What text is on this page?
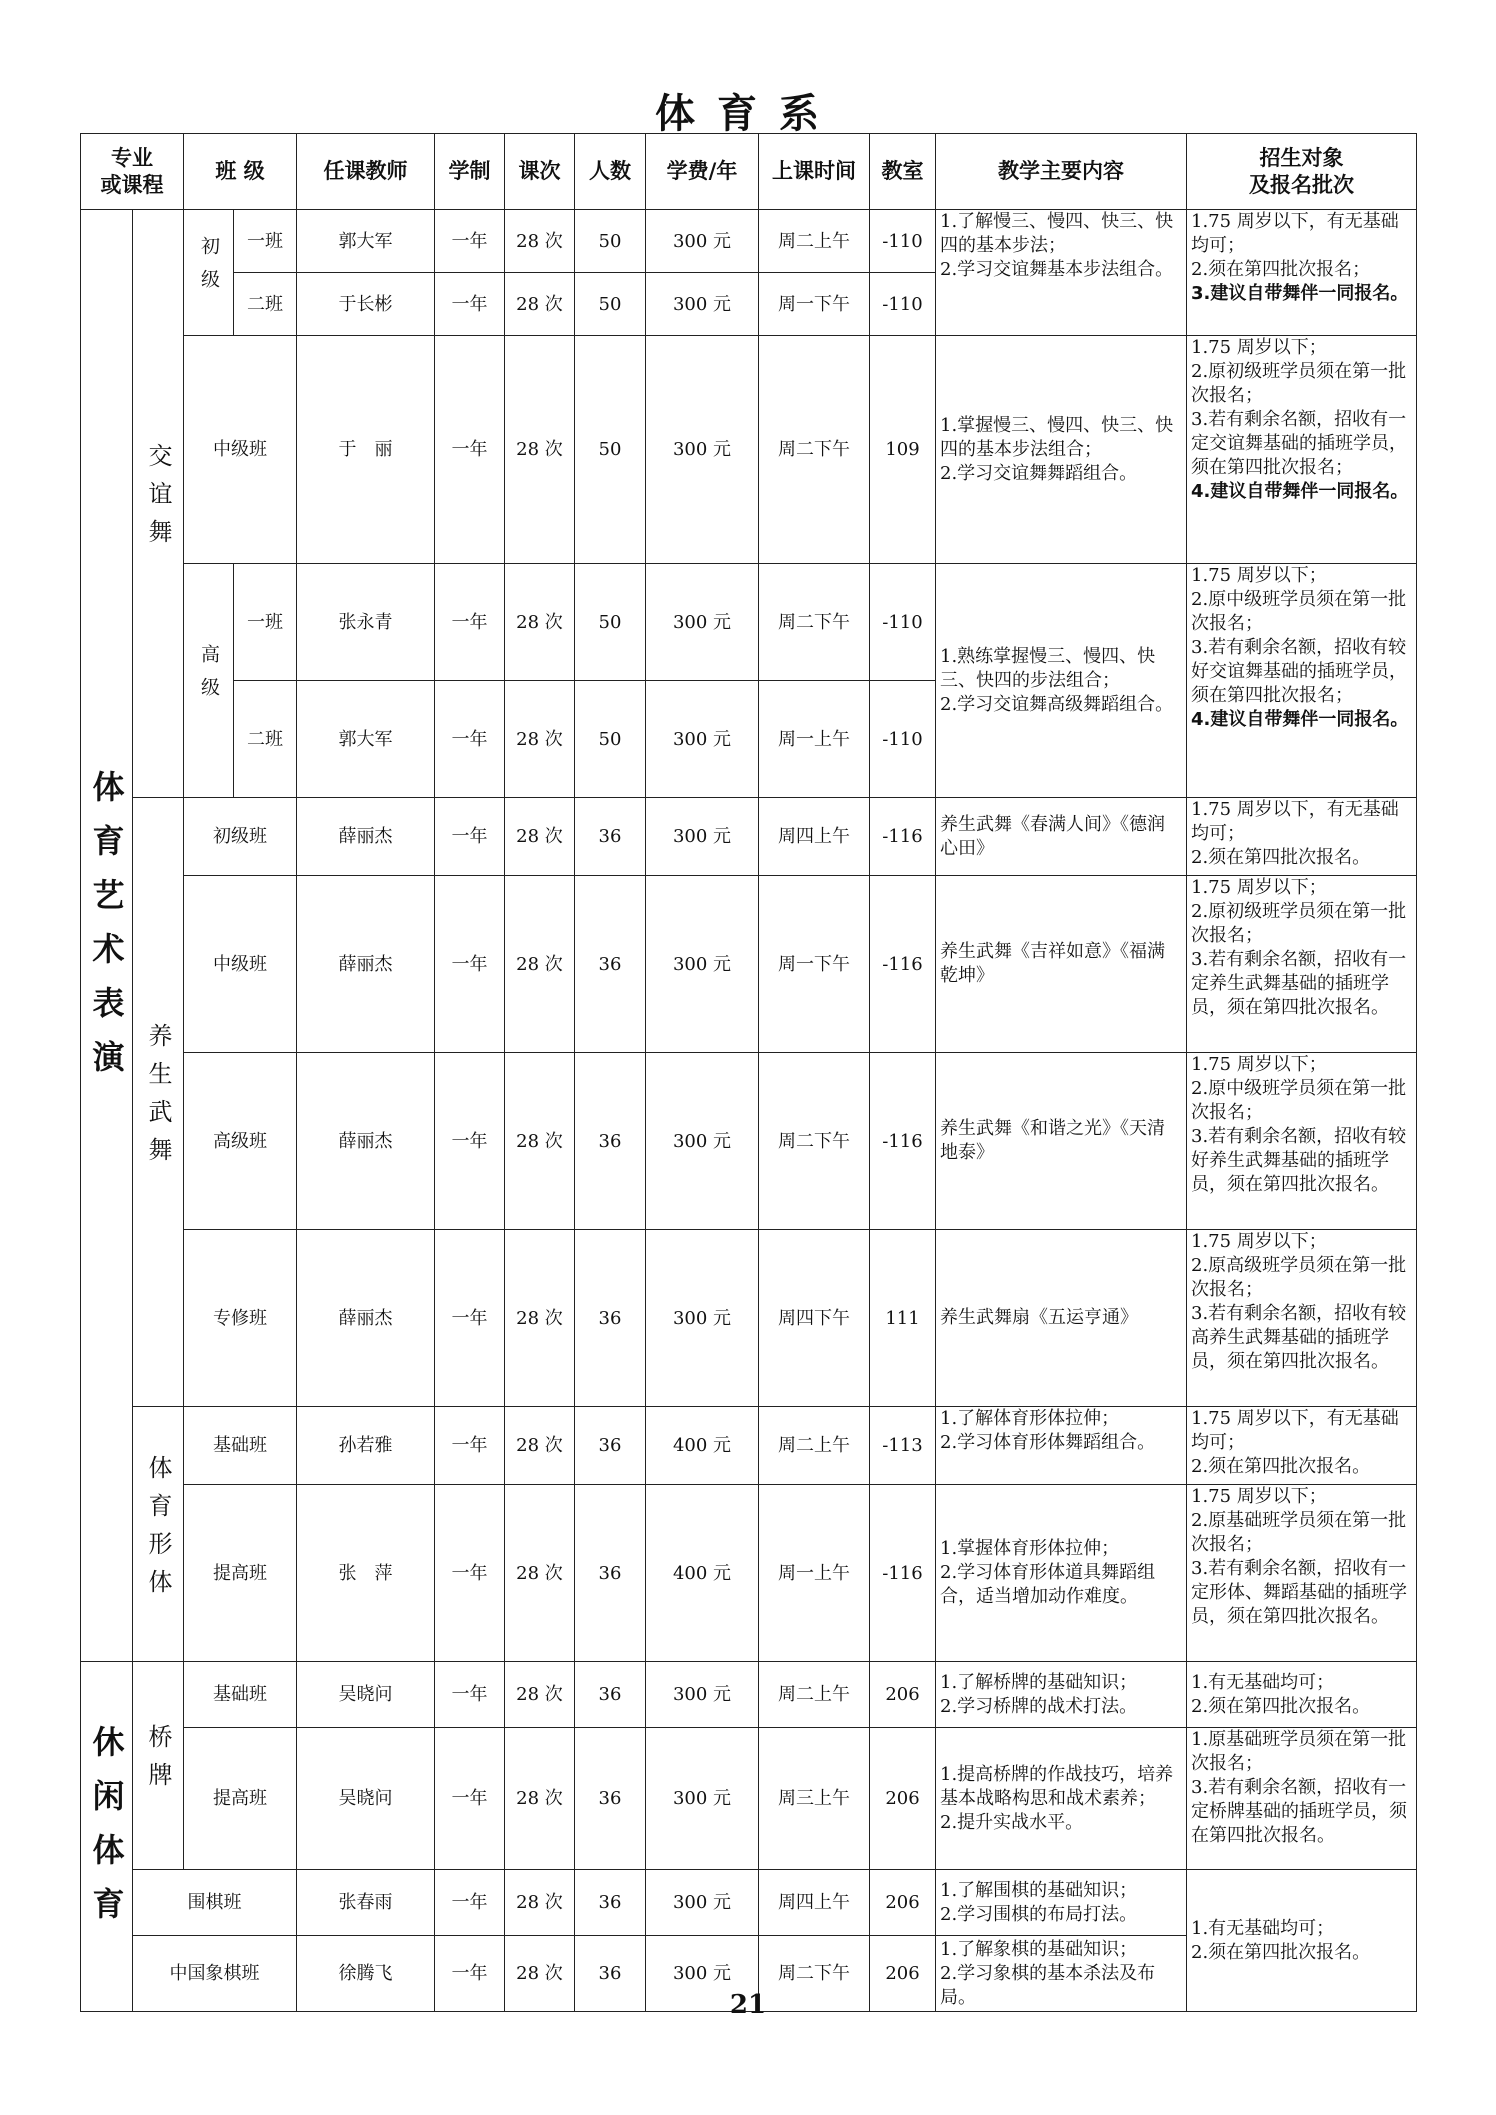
体育系
专业
或课程		班 级		任课教师	学制	课次	人数	学费/年	上课时间	教室	教学主要内容	招生对象
及报名批次

体育艺术表演	交谊舞	初级	一班	郭大军	一年	28 次	50	300 元	周二上午	-110	1.了解慢三、慢四、快三、快四的基本步法；
2.学习交谊舞基本步法组合。	1.75 周岁以下，有无基础均可；
2.须在第四批次报名；
3.建议自带舞伴一同报名。

			二班	于长彬	一年	28 次	50	300 元	周一下午	-110		
		中级班		于　丽	一年	28 次	50	300 元	周二下午	109	1.掌握慢三、慢四、快三、快四的基本步法组合；
2.学习交谊舞舞蹈组合。	1.75 周岁以下；
2.原初级班学员须在第一批次报名；
3.若有剩余名额，招收有一定交谊舞基础的插班学员，须在第四批次报名；
4.建议自带舞伴一同报名。

		高级	一班	张永青	一年	28 次	50	300 元	周二下午	-110	1.熟练掌握慢三、慢四、快三、快四的步法组合；
2.学习交谊舞高级舞蹈组合。	1.75 周岁以下；
2.原中级班学员须在第一批次报名；
3.若有剩余名额，招收有较好交谊舞基础的插班学员，须在第四批次报名；
4.建议自带舞伴一同报名。

			二班	郭大军	一年	28 次	50	300 元	周一上午	-110		
	养生武舞	初级班		薛丽杰	一年	28 次	36	300 元	周四上午	-116	养生武舞《春满人间》《德润心田》	1.75 周岁以下，有无基础均可；
2.须在第四批次报名。

		中级班		薛丽杰	一年	28 次	36	300 元	周一下午	-116	养生武舞《吉祥如意》《福满乾坤》	1.75 周岁以下；
2.原初级班学员须在第一批次报名；
3.若有剩余名额，招收有一定养生武舞基础的插班学员，须在第四批次报名。

		高级班		薛丽杰	一年	28 次	36	300 元	周二下午	-116	养生武舞《和谐之光》《天清地泰》	1.75 周岁以下；
2.原中级班学员须在第一批次报名；
3.若有剩余名额，招收有较好养生武舞基础的插班学员，须在第四批次报名。

		专修班		薛丽杰	一年	28 次	36	300 元	周四下午	111	养生武舞扇《五运亨通》	1.75 周岁以下；
2.原高级班学员须在第一批次报名；
3.若有剩余名额，招收有较高养生武舞基础的插班学员，须在第四批次报名。

	体育形体	基础班		孙若雅	一年	28 次	36	400 元	周二上午	-113	1.了解体育形体拉伸；
2.学习体育形体舞蹈组合。	1.75 周岁以下，有无基础均可；
2.须在第四批次报名。

		提高班		张　萍	一年	28 次	36	400 元	周一上午	-116	1.掌握体育形体拉伸；
2.学习体育形体道具舞蹈组合，适当增加动作难度。	1.75 周岁以下；
2.原基础班学员须在第一批次报名；
3.若有剩余名额，招收有一定形体、舞蹈基础的插班学员，须在第四批次报名。

休闲体育	桥牌	基础班		吴晓问	一年	28 次	36	300 元	周二上午	206	1.了解桥牌的基础知识；
2.学习桥牌的战术打法。	1.有无基础均可；
2.须在第四批次报名。

		提高班		吴晓问	一年	28 次	36	300 元	周三上午	206	1.提高桥牌的作战技巧，培养基本战略构思和战术素养；
2.提升实战水平。	1.原基础班学员须在第一批次报名；
3.若有剩余名额，招收有一定桥牌基础的插班学员，须在第四批次报名。

	围棋班			张春雨	一年	28 次	36	300 元	周四上午	206	1.了解围棋的基础知识；
2.学习围棋的布局打法。	1.有无基础均可；
2.须在第四批次报名。

	中国象棋班			徐腾飞	一年	28 次	36	300 元	周二下午	206	1.了解象棋的基础知识；
2.学习象棋的基本杀法及布局。	
21
